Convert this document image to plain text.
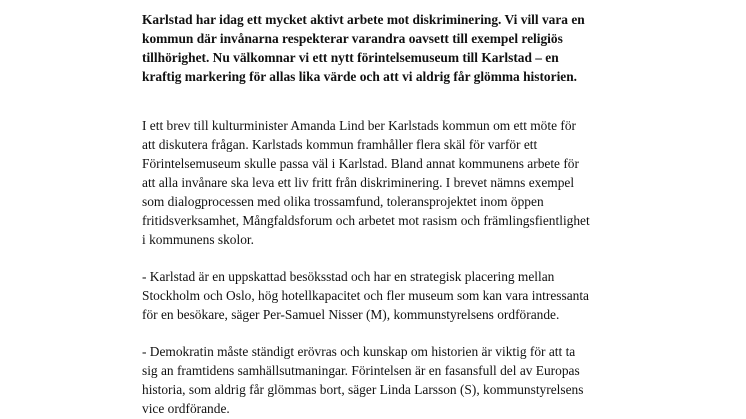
Karlstad har idag ett mycket aktivt arbete mot diskriminering. Vi vill vara en
kommun där invånarna respekterar varandra oavsett till exempel religiös
tillhörighet. Nu välkomnar vi ett nytt förintelsemuseum till Karlstad – en
kraftig markering för allas lika värde och att vi aldrig får glömma historien.
I ett brev till kulturminister Amanda Lind ber Karlstads kommun om ett möte för
att diskutera frågan. Karlstads kommun framhåller flera skäl för varför ett
Förintelsemuseum skulle passa väl i Karlstad. Bland annat kommunens arbete för
att alla invånare ska leva ett liv fritt från diskriminering. I brevet nämns exempel
som dialogprocessen med olika trossamfund, toleransprojektet inom öppen
fritidsverksamhet, Mångfaldsforum och arbetet mot rasism och främlingsfientlighet
i kommunens skolor.
- Karlstad är en uppskattad besöksstad och har en strategisk placering mellan
Stockholm och Oslo, hög hotellkapacitet och fler museum som kan vara intressanta
för en besökare, säger Per-Samuel Nisser (M), kommunstyrelsens ordförande.
- Demokratin måste ständigt erövras och kunskap om historien är viktig för att ta
sig an framtidens samhällsutmaningar. Förintelsen är en fasansfull del av Europas
historia, som aldrig får glömmas bort, säger Linda Larsson (S), kommunstyrelsens
vice ordförande.
